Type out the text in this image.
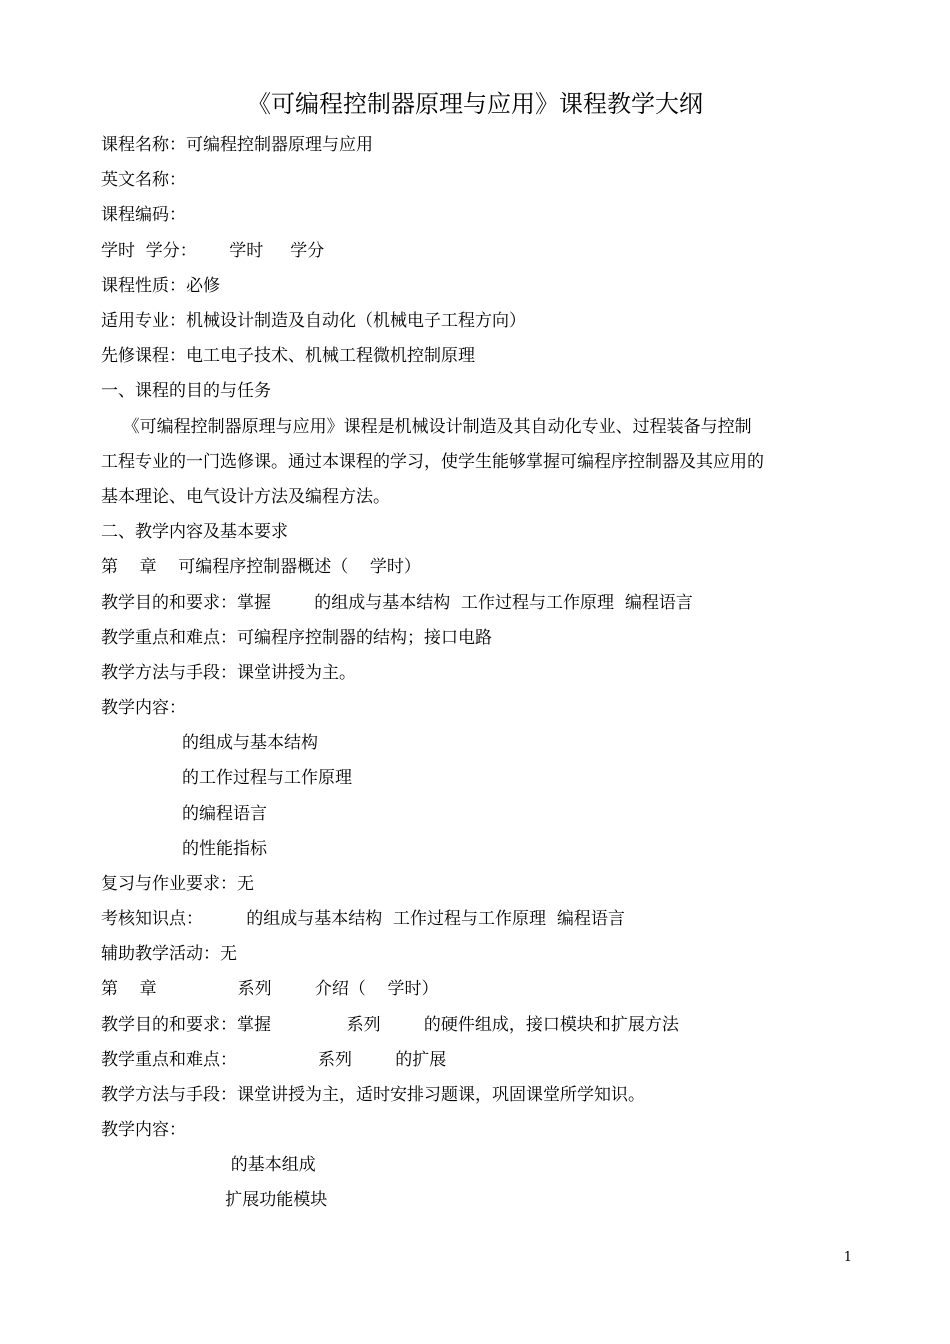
《可编程控制器原理与应用》课程教学大纲
课程名称：可编程控制器原理与应用
英文名称：
课程编码：
学时  学分：      学时     学分
课程性质：必修
适用专业：机械设计制造及自动化（机械电子工程方向）
先修课程：电工电子技术、机械工程微机控制原理
一、课程的目的与任务
《可编程控制器原理与应用》课程是机械设计制造及其自动化专业、过程装备与控制
工程专业的一门选修课。通过本课程的学习，使学生能够掌握可编程序控制器及其应用的
基本理论、电气设计方法及编程方法。
二、教学内容及基本要求
第    章    可编程序控制器概述（    学时）
教学目的和要求：掌握        的组成与基本结构  工作过程与工作原理  编程语言
教学重点和难点：可编程序控制器的结构；接口电路
教学方法与手段：课堂讲授为主。
教学内容：
的组成与基本结构
的工作过程与工作原理
的编程语言
的性能指标
复习与作业要求：无
考核知识点：        的组成与基本结构  工作过程与工作原理  编程语言
辅助教学活动：无
第    章               系列        介绍（    学时）
教学目的和要求：掌握              系列        的硬件组成，接口模块和扩展方法
教学重点和难点：               系列        的扩展
教学方法与手段：课堂讲授为主，适时安排习题课，巩固课堂所学知识。
教学内容：
的基本组成
扩展功能模块
1
